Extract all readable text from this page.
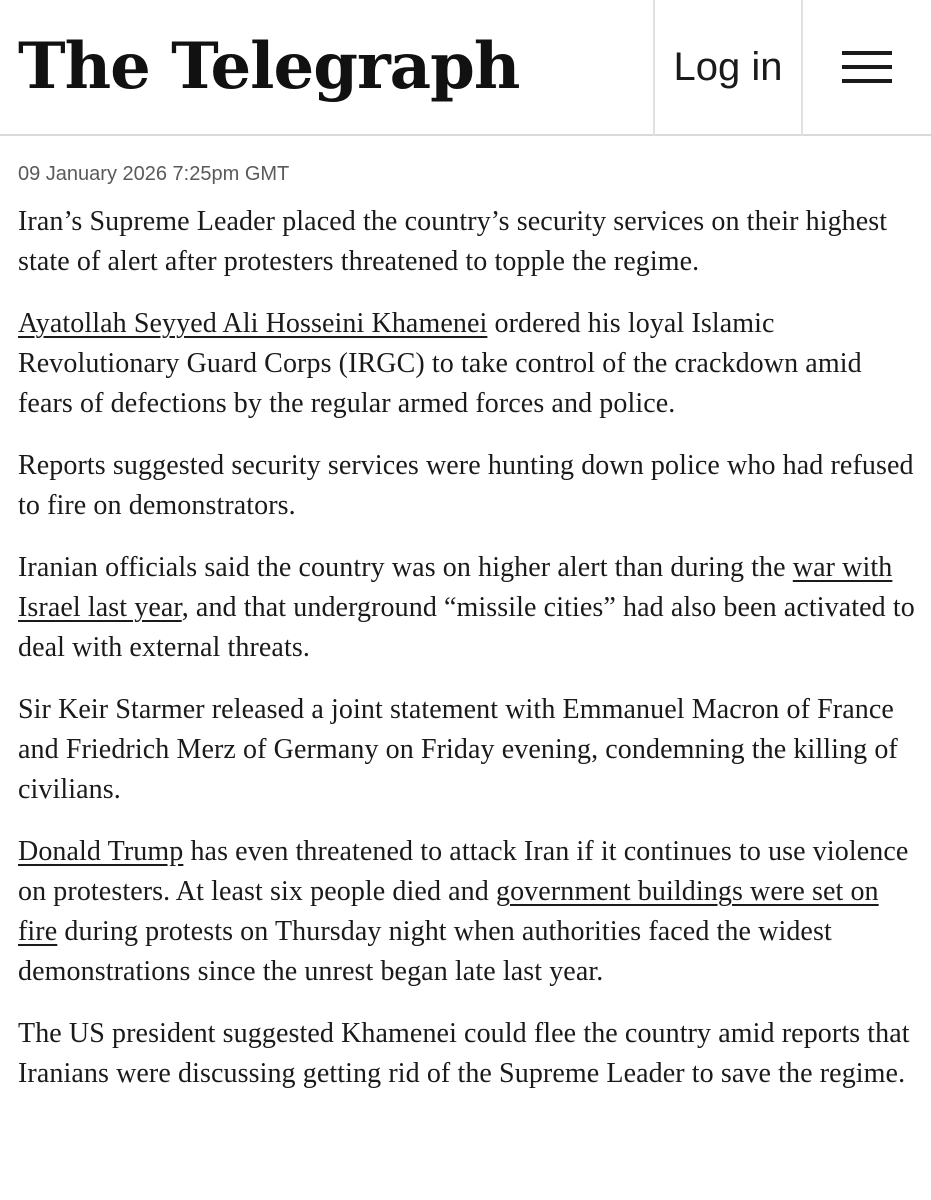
The Telegraph	Log in
09 January 2026 7:25pm GMT

Iran’s Supreme Leader placed the country’s security services on their highest state of alert after protesters threatened to topple the regime.

Ayatollah Seyyed Ali Hosseini Khamenei ordered his loyal Islamic Revolutionary Guard Corps (IRGC) to take control of the crackdown amid fears of defections by the regular armed forces and police.

Reports suggested security services were hunting down police who had refused to fire on demonstrators.

Iranian officials said the country was on higher alert than during the war with Israel last year, and that underground “missile cities” had also been activated to deal with external threats.

Sir Keir Starmer released a joint statement with Emmanuel Macron of France and Friedrich Merz of Germany on Friday evening, condemning the killing of civilians.

Donald Trump has even threatened to attack Iran if it continues to use violence on protesters. At least six people died and government buildings were set on fire during protests on Thursday night when authorities faced the widest demonstrations since the unrest began late last year.

The US president suggested Khamenei could flee the country amid reports that Iranians were discussing getting rid of the Supreme Leader to save the regime.
